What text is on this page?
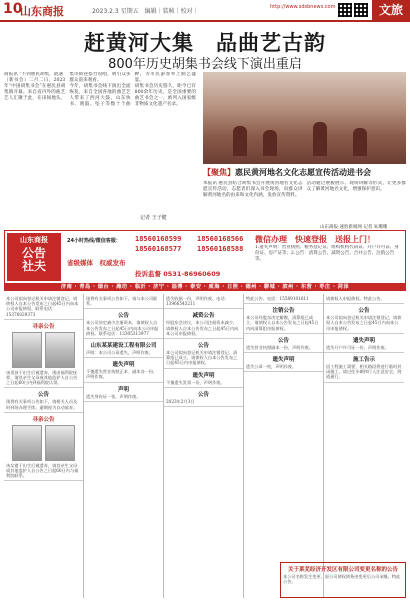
10
山东商报	2023.2.3 星期五　编辑｜装帧｜校对｜
http://www.sdsbnews.com	文旅
赶黄河大集　品曲艺古韵
800年历史胡集书会线下演出重启

商报讯 “不到惠民胡集，就遇

（新书会）二月二日，2023年“中国胡集书会”在惠民县胡集镇开幕。来自省内外的曲艺艺人汇聚于此，在田间地头、集市街巷搭台说唱，吸引众多群众前来观看。

今年，胡集书会线下演出全面恢复，来自全国各地的曲艺艺人带来了西河大鼓、山东快书、渔鼓、坠子等数十个曲种，为市民游客奉上曲艺盛宴。

胡集书会历史悠久，距今已有800余年历史，是全国重要的曲艺书会之一，被列入国家级非物质文化遗产名录。

记者 王子健
【聚焦】惠民黄河地名文化志愿宣传活动进书会

本报讯 惠民县结合胡集书会开展黄河地名文化志愿宣传活动，志愿者们深入书会现场，向群众讲解黄河地名的由来和文化内涵，发放宣传资料。

活动通过展板展示、现场讲解等形式，让更多群众了解黄河地名文化，增强保护意识。

山东商报·速豹新闻网 记者 朱珊珊
山东商报
公告
社夫
24小时热线/微信客服： 18560168599 18560168566
18560168577 18560168588
省级媒体　权威发布
投诉监督 0531-86960609
微信办理　快速登报　送报上门！
1.遗失声明：营业执照、税务登记证、组织机构代码证、开户许可证、身份证、房产证等；2.公告：清算公告、减资公告、合并公告、注销公告等。
济南 · 青岛 · 烟台 · 潍坊 · 临沂 · 济宁 · 淄博 · 泰安 · 威海 · 日照 · 德州 · 聊城 · 滨州 · 东营 · 枣庄 · 菏泽
本公司拟向登记机关申请注销登记，请债权人自本公告发布之日起45日内向本公司申报债权。联系电话：15376029373
寻亲公告
该男孩于出生后被遗弃，现由福利院抚养，请其亲生父母或其他监护人自公告之日起60日内到福利院认领。
公告
现将有关事项公告如下，请相关人员及时到场办理手续，逾期视为自动放弃。
寻亲公告
该女婴于出生后被遗弃，请其亲生父母或其他监护人自公告之日起60日内与福利院联系。
现将有关事项公告如下，请与本公司联系。
公告
本公司决定减少注册资本，请债权人自本公告发布之日起45日内向本公司申报债权。联系电话：13305313977
山东某某建设工程有限公司
声明：本公司公章遗失，声明作废。
遗失声明
不慎遗失营业执照正本、副本各一份，声明作废。
声明
遗失身份证一张，声明作废。
遗失收据一份，声明作废。电话：13966543211
减资公告
经股东会决议，本公司注册资本减少，请债权人自本公告发布之日起45日内向本公司申报债权。
公告
本公司拟向登记机关申请注销登记，清算组已成立，请债权人自本公告发布之日起45日内申报债权。
遗失声明
不慎遗失发票一份，声明作废。
公告
2023年2月3日
特此公告。电话：15589101611
注销公告
本公司经股东决定解散，清算组已成立，请债权人自本公告发布之日起45日内向清算组申报债权。
公告
遗失营业执照副本一份，声明作废。
遗失声明
遗失公章一枚，声明作废。
请债权人申报债权。特此公告。
公告
本公司拟向登记机关申请注销登记，请债权人自本公告发布之日起45日内向本公司申报债权。
遗失声明
遗失开户许可证一份，声明作废。
施工告示
因工程施工需要，相关路段将进行临时封闭施工，请过往车辆和行人注意安全，绕道通行。
关于莱芜经济开发区有限公司变更名称的公告
本公司名称发生变更，原公司债权债务由变更后公司承继。特此公告。
